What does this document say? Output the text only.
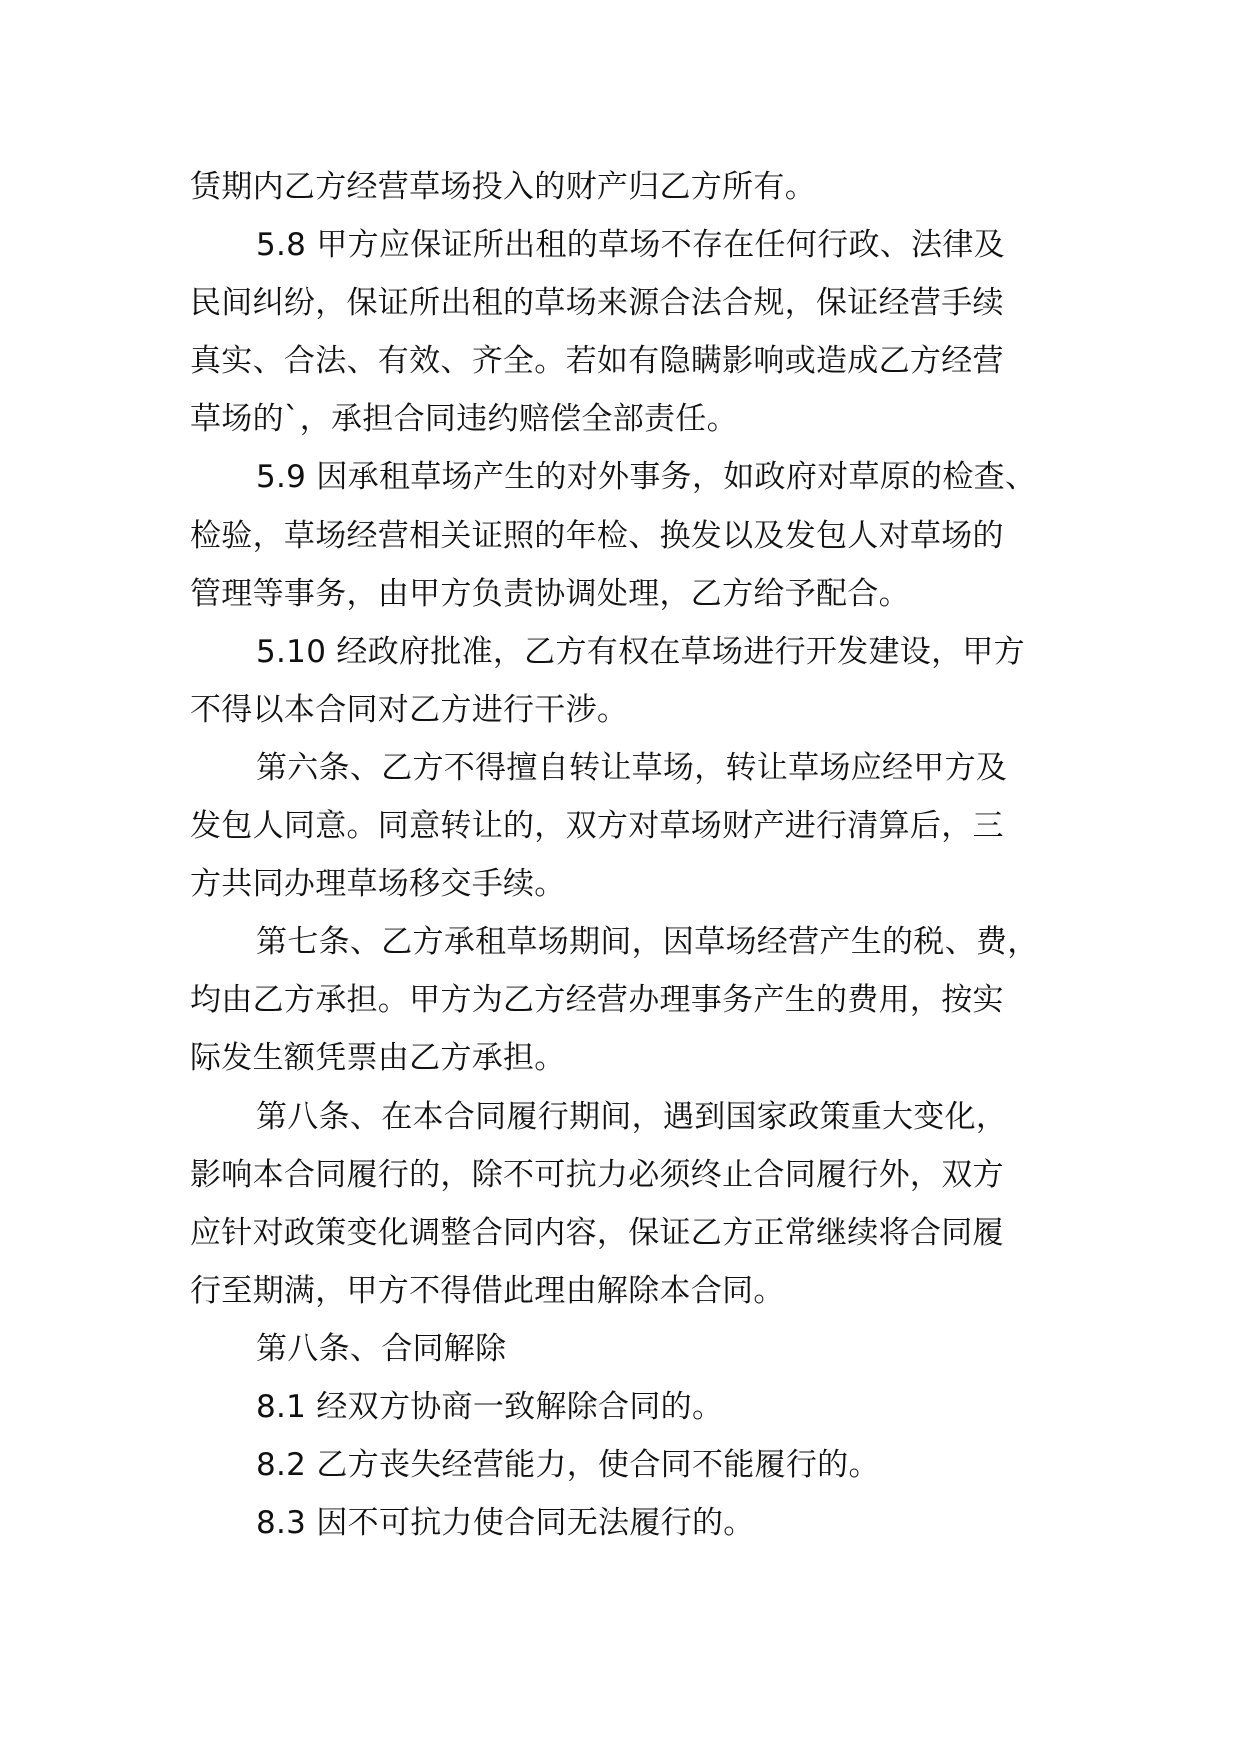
赁期内乙方经营草场投入的财产归乙方所有。
5.8 甲方应保证所出租的草场不存在任何行政、法律及
民间纠纷，保证所出租的草场来源合法合规，保证经营手续
真实、合法、有效、齐全。若如有隐瞒影响或造成乙方经营
草场的`，承担合同违约赔偿全部责任。
5.9 因承租草场产生的对外事务，如政府对草原的检查、
检验，草场经营相关证照的年检、换发以及发包人对草场的
管理等事务，由甲方负责协调处理，乙方给予配合。
5.10 经政府批准，乙方有权在草场进行开发建设，甲方
不得以本合同对乙方进行干涉。
第六条、乙方不得擅自转让草场，转让草场应经甲方及
发包人同意。同意转让的，双方对草场财产进行清算后，三
方共同办理草场移交手续。
第七条、乙方承租草场期间，因草场经营产生的税、费，
均由乙方承担。甲方为乙方经营办理事务产生的费用，按实
际发生额凭票由乙方承担。
第八条、在本合同履行期间，遇到国家政策重大变化，
影响本合同履行的，除不可抗力必须终止合同履行外，双方
应针对政策变化调整合同内容，保证乙方正常继续将合同履
行至期满，甲方不得借此理由解除本合同。
第八条、合同解除
8.1 经双方协商一致解除合同的。
8.2 乙方丧失经营能力，使合同不能履行的。
8.3 因不可抗力使合同无法履行的。
